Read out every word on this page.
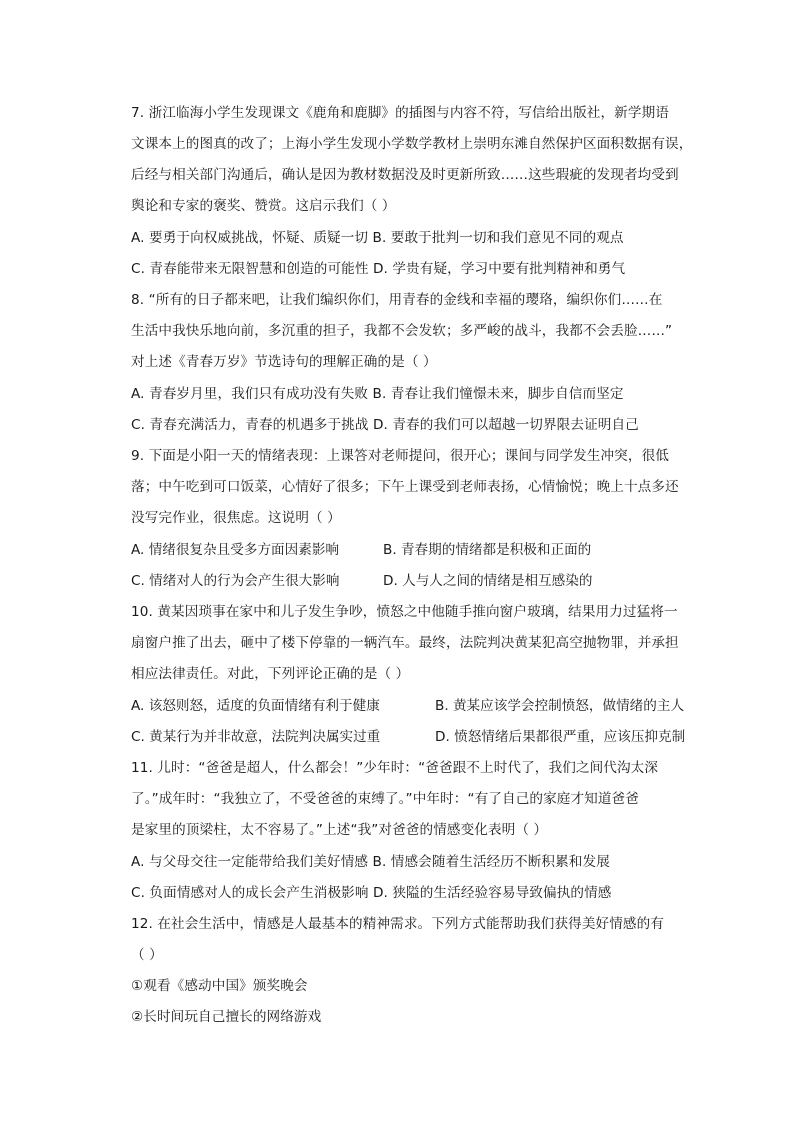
7. 浙江临海小学生发现课文《鹿角和鹿脚》的插图与内容不符，写信给出版社，新学期语
文课本上的图真的改了；上海小学生发现小学数学教材上崇明东滩自然保护区面积数据有误，
后经与相关部门沟通后，确认是因为教材数据没及时更新所致……这些瑕疵的发现者均受到
舆论和专家的褒奖、赞赏。这启示我们（ ）
A. 要勇于向权威挑战，怀疑、质疑一切 B. 要敢于批判一切和我们意见不同的观点
C. 青春能带来无限智慧和创造的可能性 D. 学贵有疑，学习中要有批判精神和勇气
8. “所有的日子都来吧，让我们编织你们，用青春的金线和幸福的璎珞，编织你们……在
生活中我快乐地向前，多沉重的担子，我都不会发软；多严峻的战斗，我都不会丢脸……”
对上述《青春万岁》节选诗句的理解正确的是（ ）
A. 青春岁月里，我们只有成功没有失败 B. 青春让我们憧憬未来，脚步自信而坚定
C. 青春充满活力，青春的机遇多于挑战 D. 青春的我们可以超越一切界限去证明自己
9. 下面是小阳一天的情绪表现：上课答对老师提问，很开心；课间与同学发生冲突，很低
落；中午吃到可口饭菜，心情好了很多；下午上课受到老师表扬，心情愉悦；晚上十点多还
没写完作业，很焦虑。这说明（ ）
A. 情绪很复杂且受多方面因素影响	B. 青春期的情绪都是积极和正面的
C. 情绪对人的行为会产生很大影响	D. 人与人之间的情绪是相互感染的
10. 黄某因琐事在家中和儿子发生争吵，愤怒之中他随手推向窗户玻璃，结果用力过猛将一
扇窗户推了出去，砸中了楼下停靠的一辆汽车。最终，法院判决黄某犯高空抛物罪，并承担
相应法律责任。对此，下列评论正确的是（ ）
A. 该怒则怒，适度的负面情绪有利于健康	B. 黄某应该学会控制愤怒，做情绪的主人
C. 黄某行为并非故意，法院判决属实过重	D. 愤怒情绪后果都很严重，应该压抑克制
11. 儿时：“爸爸是超人，什么都会！”少年时：“爸爸跟不上时代了，我们之间代沟太深
了。”成年时：“我独立了，不受爸爸的束缚了。”中年时：“有了自己的家庭才知道爸爸
是家里的顶梁柱，太不容易了。”上述“我”对爸爸的情感变化表明（ ）
A. 与父母交往一定能带给我们美好情感 B. 情感会随着生活经历不断积累和发展
C. 负面情感对人的成长会产生消极影响 D. 狭隘的生活经验容易导致偏执的情感
12. 在社会生活中，情感是人最基本的精神需求。下列方式能帮助我们获得美好情感的有
（ ）
①观看《感动中国》颁奖晚会
②长时间玩自己擅长的网络游戏
